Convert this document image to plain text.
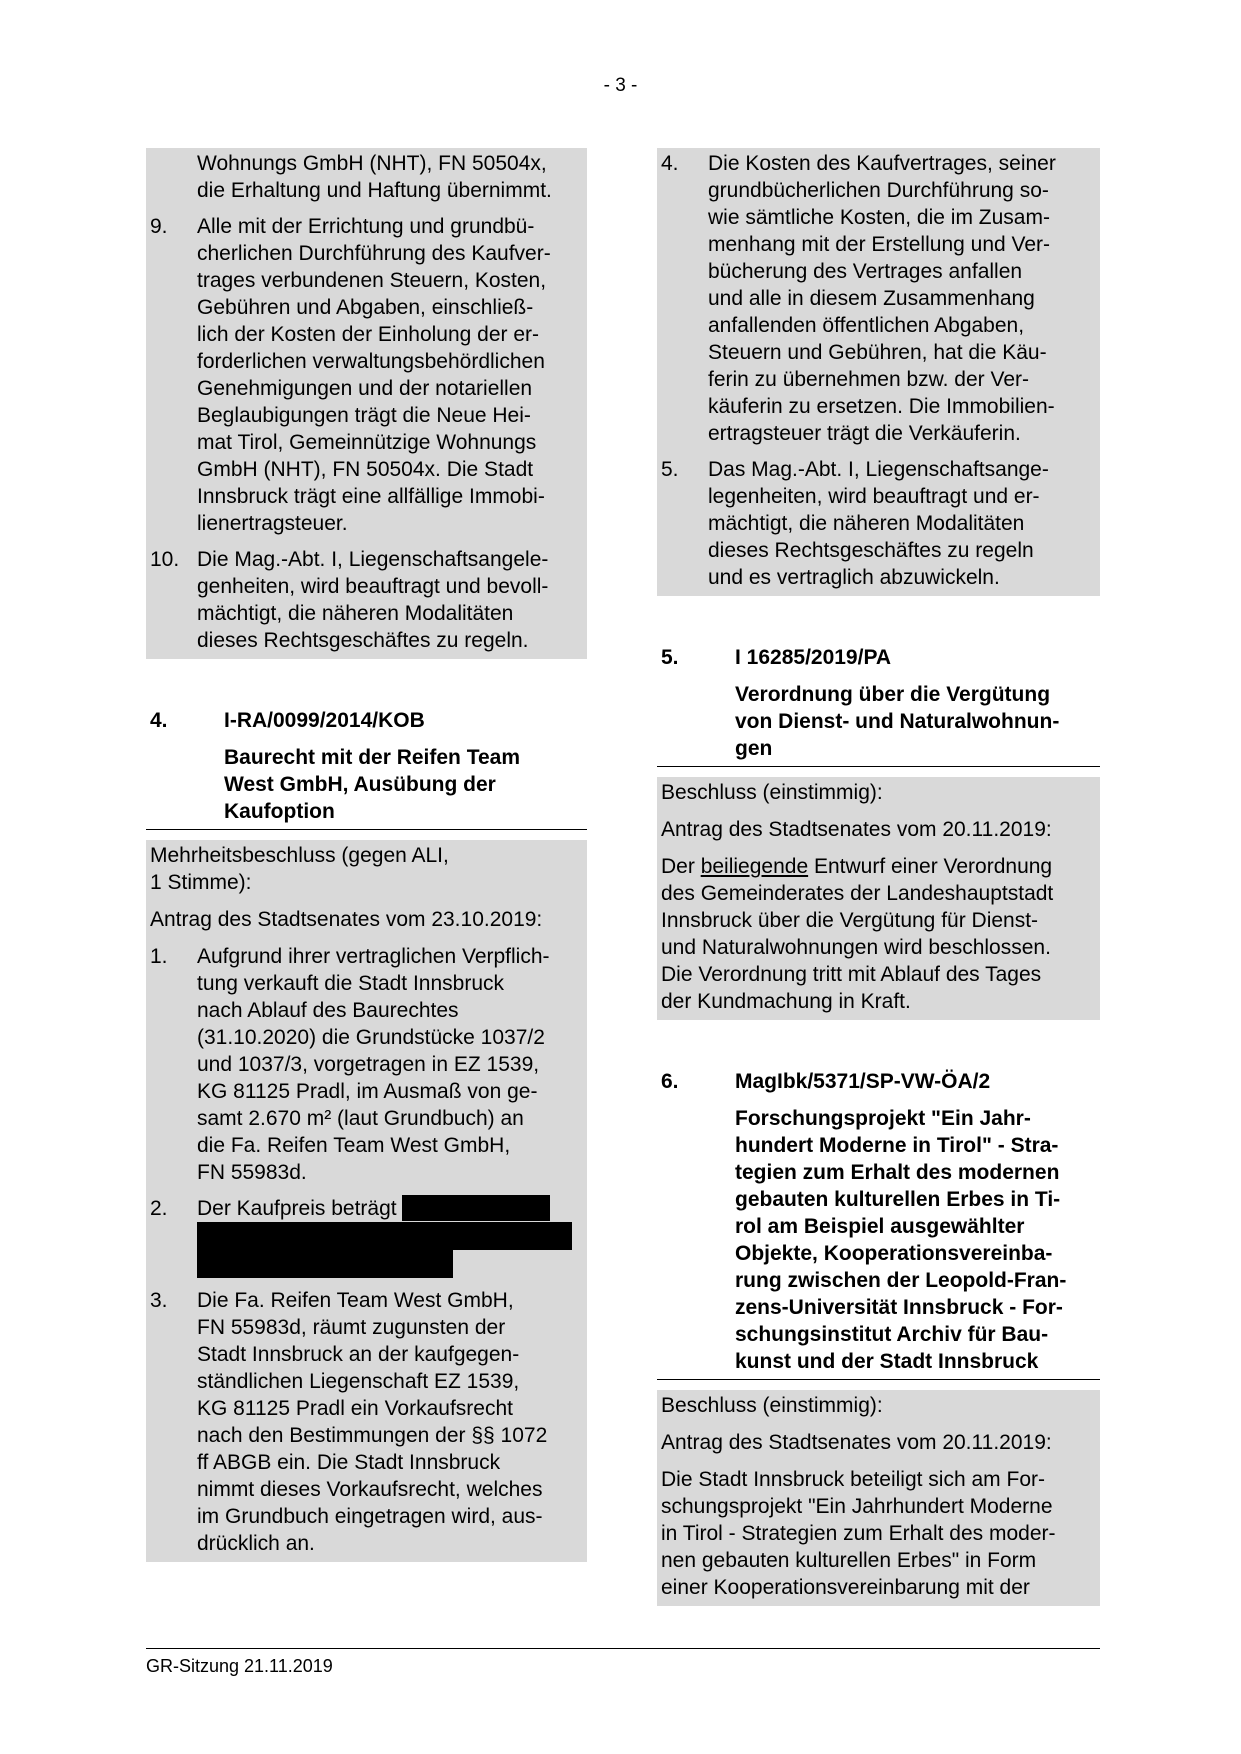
- 3 -
Wohnungs GmbH (NHT), FN 50504x,
die Erhaltung und Haftung übernimmt.
9.	Alle mit der Errichtung und grundbü-
cherlichen Durchführung des Kaufver-
trages verbundenen Steuern, Kosten,
Gebühren und Abgaben, einschließ-
lich der Kosten der Einholung der er-
forderlichen verwaltungsbehördlichen
Genehmigungen und der notariellen
Beglaubigungen trägt die Neue Hei-
mat Tirol, Gemeinnützige Wohnungs
GmbH (NHT), FN 50504x. Die Stadt
Innsbruck trägt eine allfällige Immobi-
lienertragsteuer.
10. Die Mag.-Abt. I, Liegenschaftsangele-
genheiten, wird beauftragt und bevoll-
mächtigt, die näheren Modalitäten
dieses Rechtsgeschäftes zu regeln.
4.	I-RA/0099/2014/KOB
Baurecht mit der Reifen Team
West GmbH, Ausübung der
Kaufoption
Mehrheitsbeschluss (gegen ALI,
1 Stimme):
Antrag des Stadtsenates vom 23.10.2019:
1.	Aufgrund ihrer vertraglichen Verpflich-
tung verkauft die Stadt Innsbruck
nach Ablauf des Baurechtes
(31.10.2020) die Grundstücke 1037/2
und 1037/3, vorgetragen in EZ 1539,
KG 81125 Pradl, im Ausmaß von ge-
samt 2.670 m² (laut Grundbuch) an
die Fa. Reifen Team West GmbH,
FN 55983d.
2.	Der Kaufpreis beträgt
3.	Die Fa. Reifen Team West GmbH,
FN 55983d, räumt zugunsten der
Stadt Innsbruck an der kaufgegen-
ständlichen Liegenschaft EZ 1539,
KG 81125 Pradl ein Vorkaufsrecht
nach den Bestimmungen der §§ 1072
ff ABGB ein. Die Stadt Innsbruck
nimmt dieses Vorkaufsrecht, welches
im Grundbuch eingetragen wird, aus-
drücklich an.
4.	Die Kosten des Kaufvertrages, seiner
grundbücherlichen Durchführung so-
wie sämtliche Kosten, die im Zusam-
menhang mit der Erstellung und Ver-
bücherung des Vertrages anfallen
und alle in diesem Zusammenhang
anfallenden öffentlichen Abgaben,
Steuern und Gebühren, hat die Käu-
ferin zu übernehmen bzw. der Ver-
käuferin zu ersetzen. Die Immobilien-
ertragsteuer trägt die Verkäuferin.
5.	Das Mag.-Abt. I, Liegenschaftsange-
legenheiten, wird beauftragt und er-
mächtigt, die näheren Modalitäten
dieses Rechtsgeschäftes zu regeln
und es vertraglich abzuwickeln.
5.	I 16285/2019/PA
Verordnung über die Vergütung
von Dienst- und Naturalwohnun-
gen
Beschluss (einstimmig):
Antrag des Stadtsenates vom 20.11.2019:
Der beiliegende Entwurf einer Verordnung
des Gemeinderates der Landeshauptstadt
Innsbruck über die Vergütung für Dienst-
und Naturalwohnungen wird beschlossen.
Die Verordnung tritt mit Ablauf des Tages
der Kundmachung in Kraft.
6.	MagIbk/5371/SP-VW-ÖA/2
Forschungsprojekt "Ein Jahr-
hundert Moderne in Tirol" - Stra-
tegien zum Erhalt des modernen
gebauten kulturellen Erbes in Ti-
rol am Beispiel ausgewählter
Objekte, Kooperationsvereinba-
rung zwischen der Leopold-Fran-
zens-Universität Innsbruck - For-
schungsinstitut Archiv für Bau-
kunst und der Stadt Innsbruck
Beschluss (einstimmig):
Antrag des Stadtsenates vom 20.11.2019:
Die Stadt Innsbruck beteiligt sich am For-
schungsprojekt "Ein Jahrhundert Moderne
in Tirol - Strategien zum Erhalt des moder-
nen gebauten kulturellen Erbes" in Form
einer Kooperationsvereinbarung mit der
GR-Sitzung 21.11.2019
